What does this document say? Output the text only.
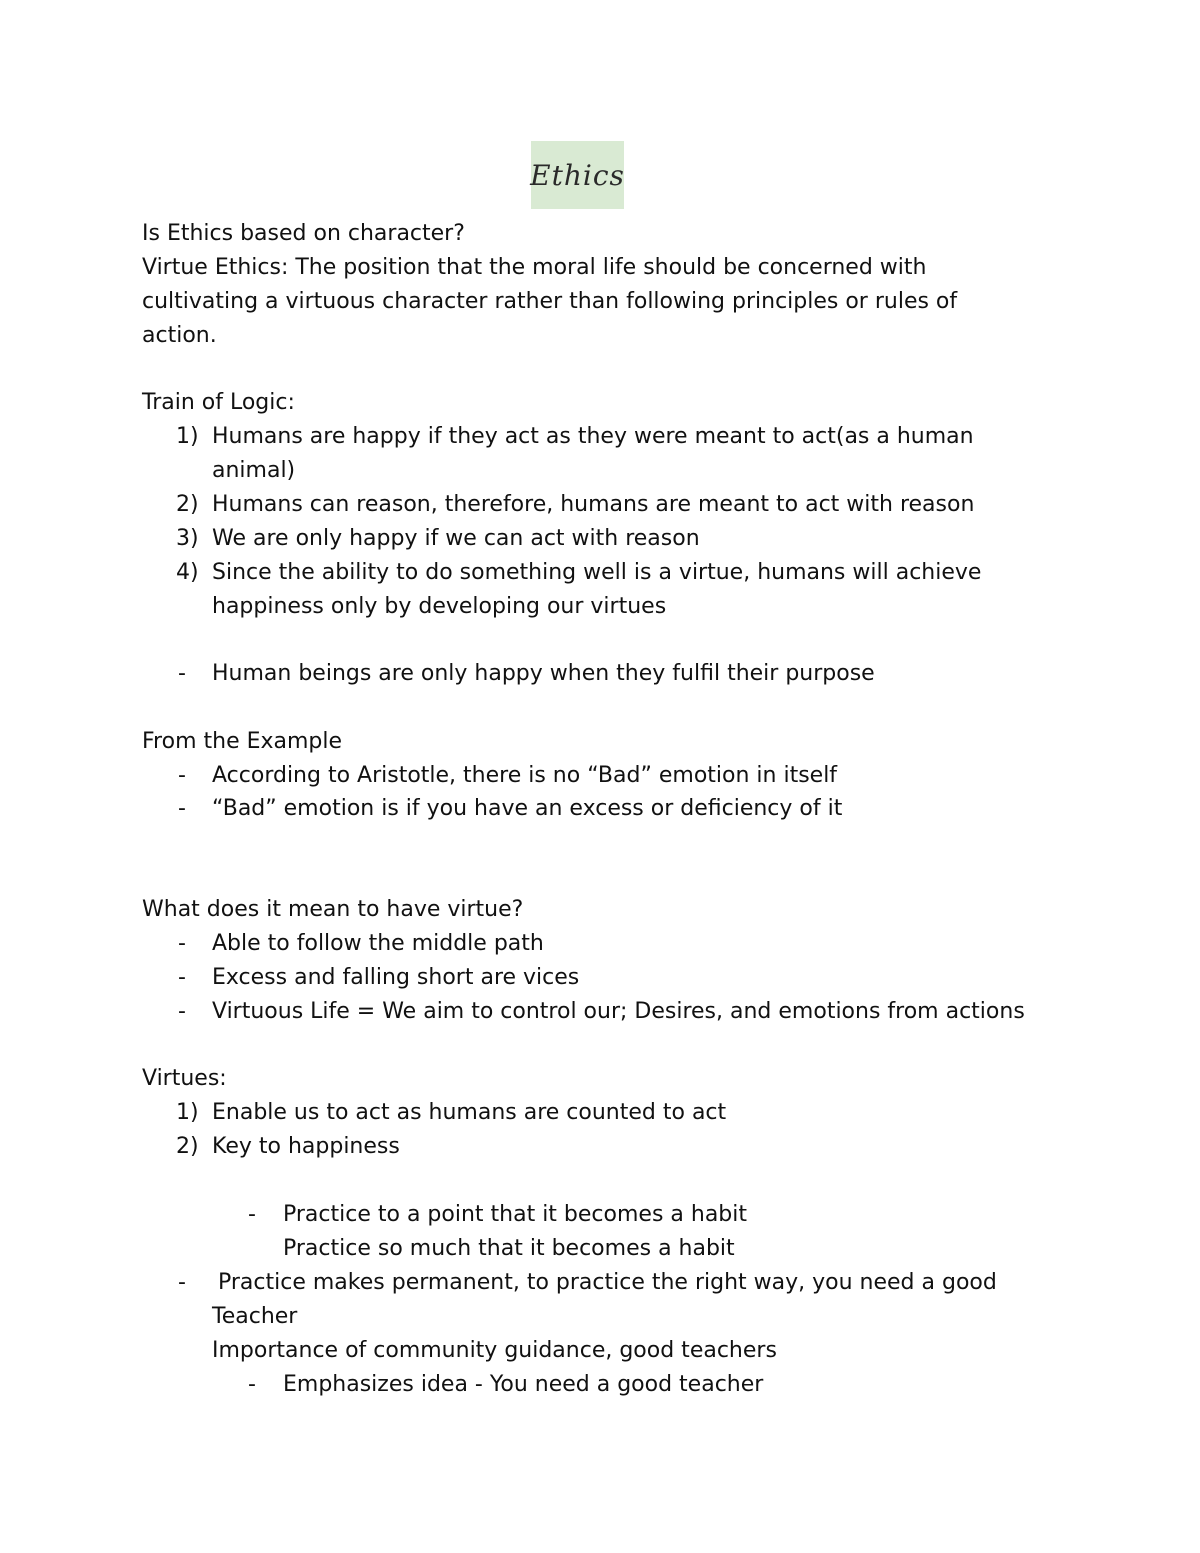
Ethics
Is Ethics based on character?
Virtue Ethics: The position that the moral life should be concerned with
cultivating a virtuous character rather than following principles or rules of
action.
Train of Logic:
1) Humans are happy if they act as they were meant to act(as a human
animal)
2) Humans can reason, therefore, humans are meant to act with reason
3) We are only happy if we can act with reason
4) Since the ability to do something well is a virtue, humans will achieve
happiness only by developing our virtues
- Human beings are only happy when they fulfil their purpose
From the Example
- According to Aristotle, there is no “Bad” emotion in itself
- “Bad” emotion is if you have an excess or deficiency of it
What does it mean to have virtue?
- Able to follow the middle path
- Excess and falling short are vices
- Virtuous Life = We aim to control our; Desires, and emotions from actions
Virtues:
1) Enable us to act as humans are counted to act
2) Key to happiness
- Practice to a point that it becomes a habit
Practice so much that it becomes a habit
- Practice makes permanent, to practice the right way, you need a good
Teacher
Importance of community guidance, good teachers
- Emphasizes idea - You need a good teacher
